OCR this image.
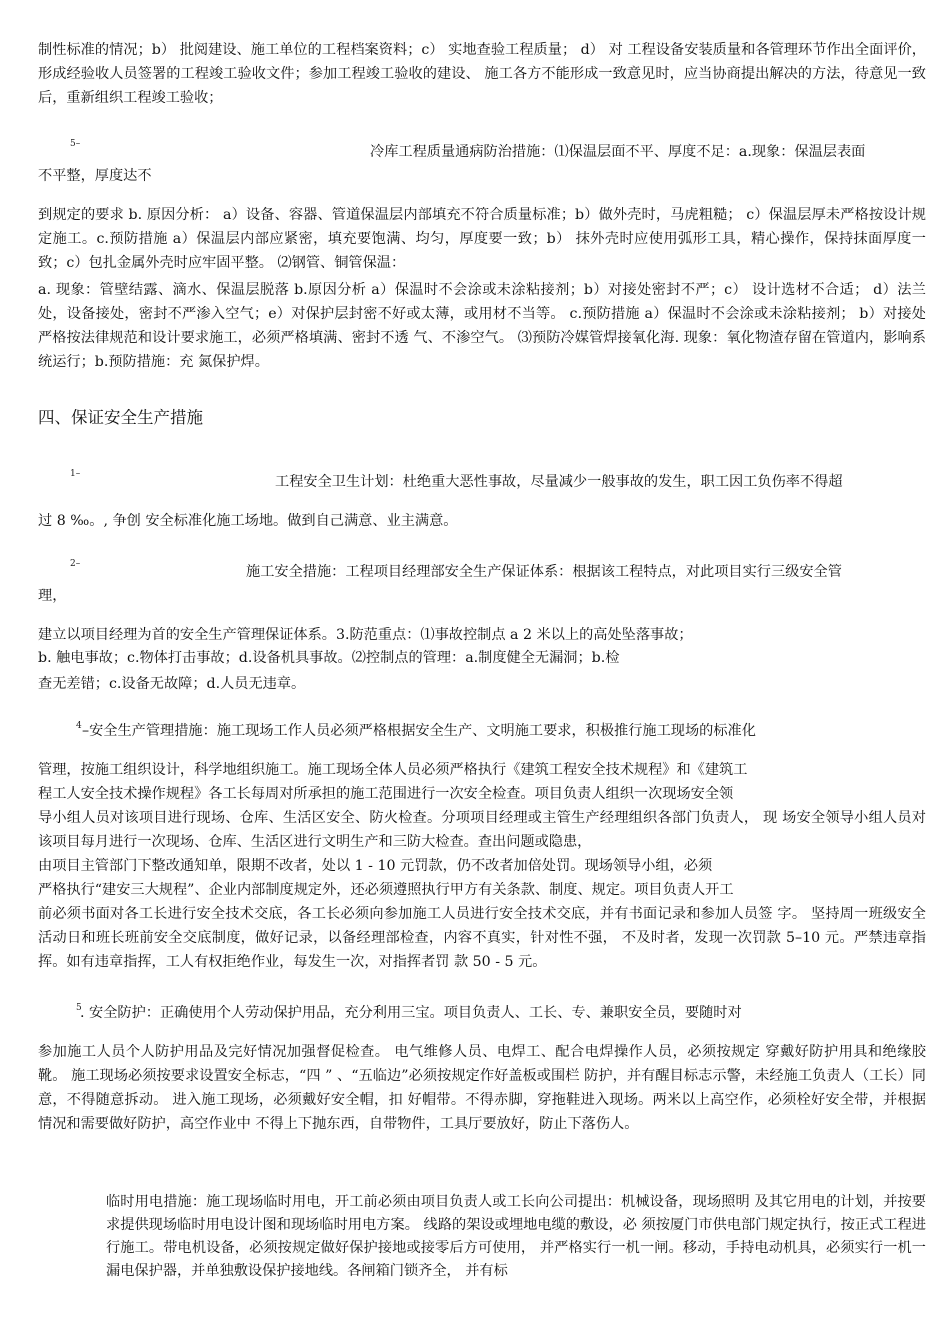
制性标准的情况；b） 批阅建设、施工单位的工程档案资料；c） 实地查验工程质量； d） 对 工程设备安装质量和各管理环节作出全面评价，形成经验收人员签署的工程竣工验收文件；参加工程竣工验收的建设、 施工各方不能形成一致意见时，应当协商提出解决的方法，待意见一致后，重新组织工程竣工验收；
5–	冷库工程质量通病防治措施：⑴保温层面不平、厚度不足：a.现象：保温层表面
不平整，厚度达不
到规定的要求 b. 原因分析： a）设备、容器、管道保温层内部填充不符合质量标准；b）做外壳时，马虎粗糙； c）保温层厚未严格按设计规定施工。c.预防措施 a）保温层内部应紧密，填充要饱满、均匀，厚度要一致；b） 抹外壳时应使用弧形工具，精心操作，保持抹面厚度一致；c）包扎金属外壳时应牢固平整。 ⑵钢管、铜管保温：
a. 现象：管壁结露、滴水、保温层脱落 b.原因分析 a）保温时不会涂或未涂粘接剂；b）对接处密封不严；c） 设计选材不合适； d）法兰处，设备接处，密封不严渗入空气；e）对保护层封密不好或太薄，或用材不当等。 c.预防措施 a）保温时不会涂或未涂粘接剂； b）对接处严格按法律规范和设计要求施工，必须严格填满、密封不透 气、不渗空气。 ⑶预防冷媒管焊接氧化海. 现象：氧化物渣存留在管道内，影响系统运行；b.预防措施：充 氮保护焊。
四、保证安全生产措施
1–	工程安全卫生计划：杜绝重大恶性事故，尽量减少一般事故的发生，职工因工负伤率不得超
过 8 ‰。, 争创 安全标准化施工场地。做到自己满意、业主满意。
2–	施工安全措施：工程项目经理部安全生产保证体系：根据该工程特点，对此项目实行三级安全管
理，
建立以项目经理为首的安全生产管理保证体系。3.防范重点：⑴事故控制点 a 2 米以上的高处坠落事故；
b. 触电事故；c.物体打击事故；d.设备机具事故。⑵控制点的管理：a.制度健全无漏洞；b.检
查无差错；c.设备无故障；d.人员无违章。
4 –安全生产管理措施：施工现场工作人员必须严格根据安全生产、文明施工要求，积极推行施工现场的标准化
管理，按施工组织设计，科学地组织施工。施工现场全体人员必须严格执行《建筑工程安全技术规程》和《建筑工
程工人安全技术操作规程》各工长每周对所承担的施工范围进行一次安全检查。项目负责人组织一次现场安全领
导小组人员对该项目进行现场、仓库、生活区安全、防火检查。分项项目经理或主管生产经理组织各部门负责人， 现 场安全领导小组人员对该项目每月进行一次现场、仓库、生活区进行文明生产和三防大检查。查出问题或隐患，
由项目主管部门下整改通知单，限期不改者，处以 1 - 10 元罚款，仍不改者加倍处罚。现场领导小组，必须
严格执行“建安三大规程”、企业内部制度规定外，还必须遵照执行甲方有关条款、制度、规定。项目负责人开工
前必须书面对各工长进行安全技术交底，各工长必须向参加施工人员进行安全技术交底，并有书面记录和参加人员签 字。 坚持周一班级安全活动日和班长班前安全交底制度，做好记录，以备经理部检查，内容不真实，针对性不强， 不及时者，发现一次罚款 5–10 元。严禁违章指挥。如有违章指挥，工人有权拒绝作业，每发生一次，对指挥者罚 款 50 - 5 元。
5
. 安全防护：正确使用个人劳动保护用品，充分利用三宝。项目负责人、工长、专、兼职安全员，要随时对
参加施工人员个人防护用品及完好情况加强督促检查。 电气维修人员、电焊工、配合电焊操作人员，必须按规定 穿戴好防护用具和绝缘胶靴。 施工现场必须按要求设置安全标志，“四 ” 、“五临边”必须按规定作好盖板或围栏 防护，并有醒目标志示警，未经施工负责人（工长）同意，不得随意拆动。 进入施工现场，必须戴好安全帽，扣 好帽带。不得赤脚，穿拖鞋进入现场。两米以上高空作，必须栓好安全带，并根据情况和需要做好防护，高空作业中 不得上下抛东西，自带物件，工具厅要放好，防止下落伤人。
临时用电措施：施工现场临时用电，开工前必须由项目负责人或工长向公司提出：机械设备，现场照明 及其它用电的计划，并按要求提供现场临时用电设计图和现场临时用电方案。 线路的架设或埋地电缆的敷设，必 须按厦门市供电部门规定执行，按正式工程进行施工。带电机设备，必须按规定做好保护接地或接零后方可使用， 并严格实行一机一闸。移动，手持电动机具，必须实行一机一漏电保护器，并单独敷设保护接地线。各闸箱门锁齐全， 并有标
